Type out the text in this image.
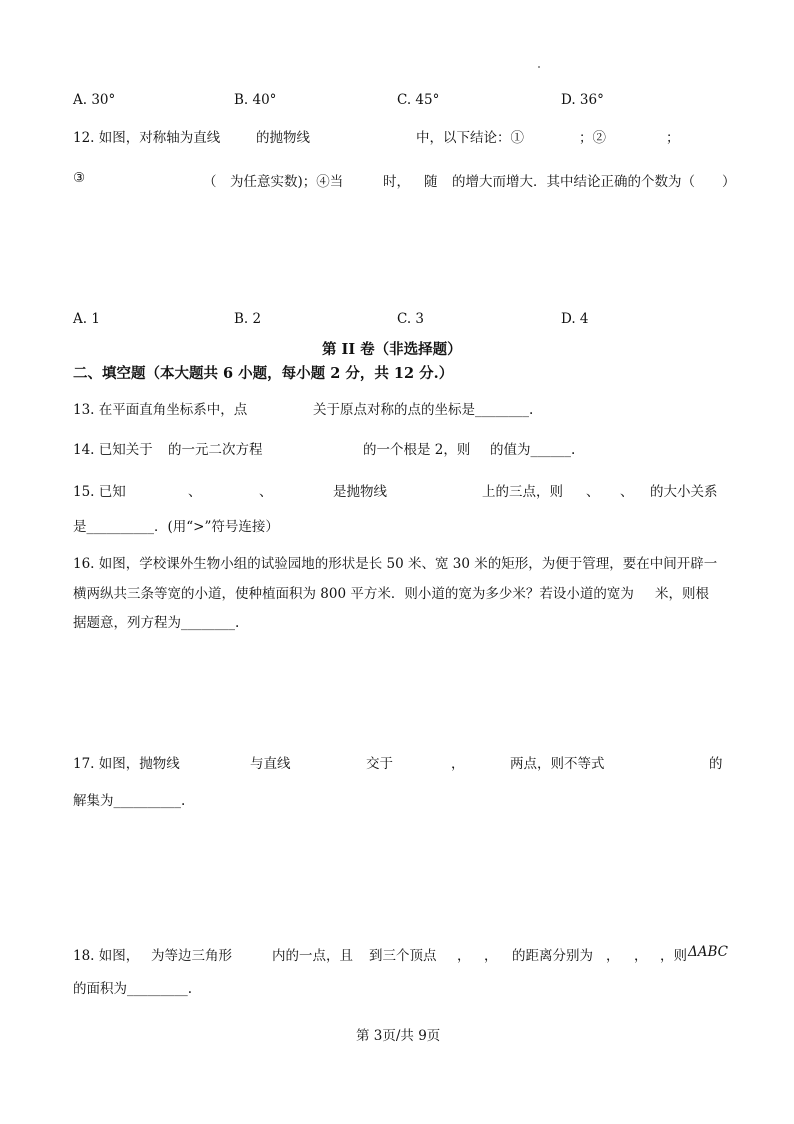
A. 30°	B. 40°	C. 45°	D. 36°
12. 如图，对称轴为直线	的抛物线	中，以下结论：①	；②	；
③	（　为任意实数)；④当	时， 随 的增大而增大．其中结论正确的个数为（　　）
A. 1	B. 2	C. 3	D. 4
第 II 卷（非选择题）
二、填空题（本大题共 6 小题，每小题 2 分，共 12 分.）
13. 在平面直角坐标系中，点	关于原点对称的点的坐标是________.
14. 已知关于 的一元二次方程	的一个根是 2，则 的值为______.
15. 已知	、	、	是抛物线	上的三点，则 、 、 的大小关系
是__________．(用“>”符号连接）
16. 如图，学校课外生物小组的试验园地的形状是长 50 米、宽 30 米的矩形，为便于管理，要在中间开辟一
横两纵共三条等宽的小道，使种植面积为 800 平方米．则小道的宽为多少米？若设小道的宽为 米，则根
据题意，列方程为________.
17. 如图，抛物线	与直线	交于	，	两点，则不等式	的
解集为__________.
18. 如图， 为等边三角形	内的一点，且 到三个顶点 ， ， 的距离分别为 ， ， ，则 ΔABC
的面积为_________.
第 3页/共 9页
